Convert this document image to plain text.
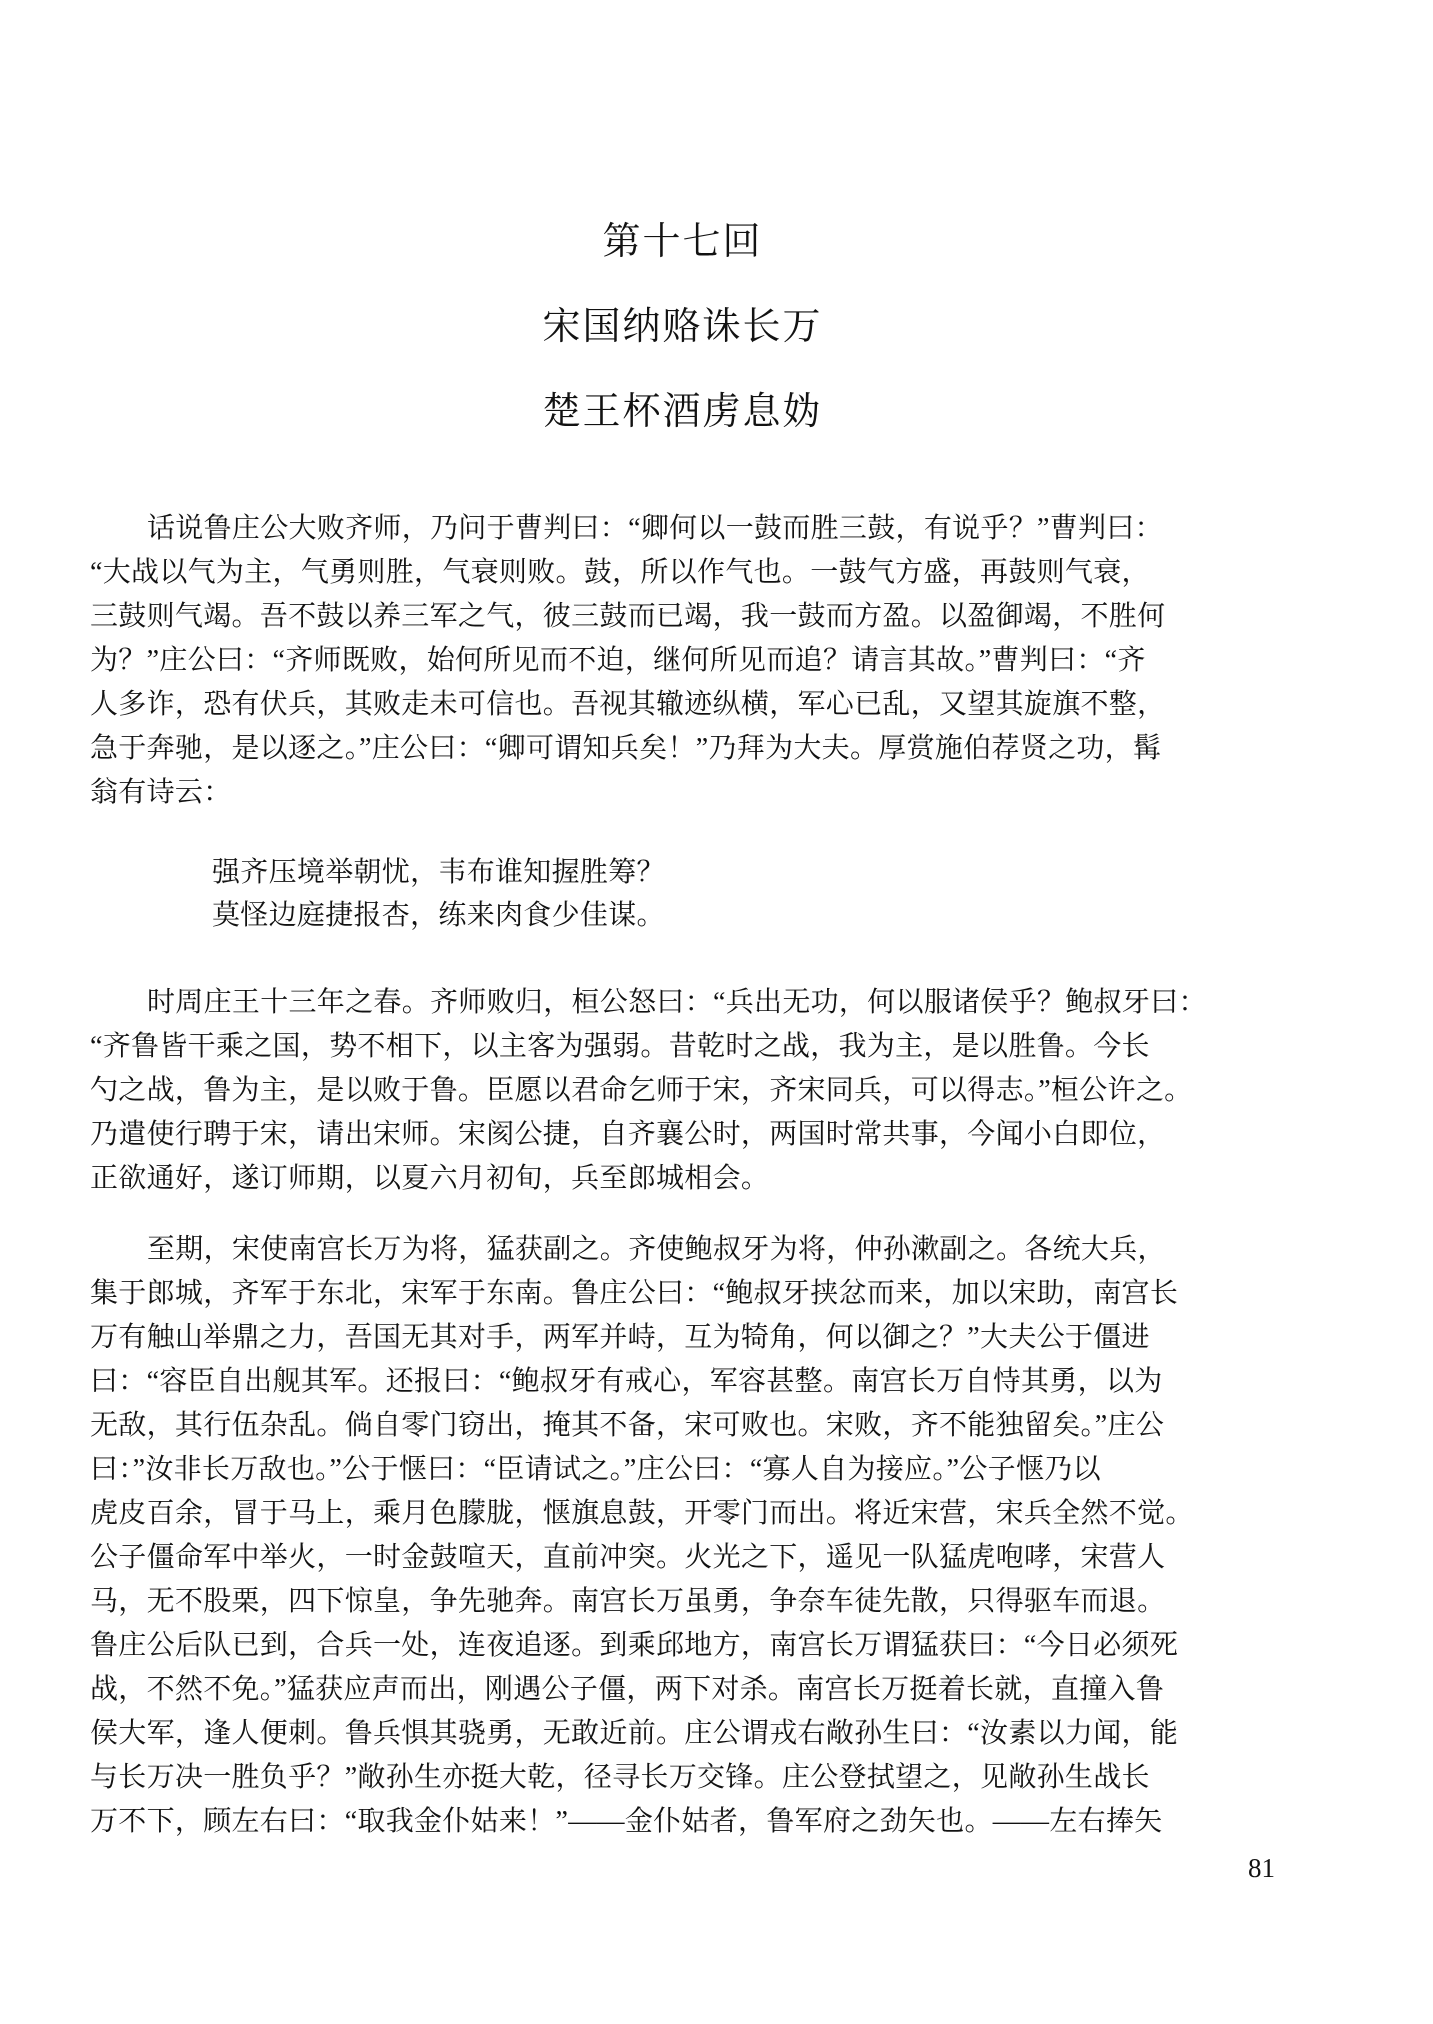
第十七回
宋国纳赂诛长万
楚王杯酒虏息妫
话说鲁庄公大败齐师，乃问于曹判曰：“卿何以一鼓而胜三鼓，有说乎？”曹判曰：
“大战以气为主，气勇则胜，气衰则败。鼓，所以作气也。一鼓气方盛，再鼓则气衰，
三鼓则气竭。吾不鼓以养三军之气，彼三鼓而已竭，我一鼓而方盈。以盈御竭，不胜何
为？”庄公曰：“齐师既败，始何所见而不迫，继何所见而追？请言其故。”曹判曰：“齐
人多诈，恐有伏兵，其败走未可信也。吾视其辙迹纵横，军心已乱，又望其旋旗不整，
急于奔驰，是以逐之。”庄公曰：“卿可谓知兵矣！”乃拜为大夫。厚赏施伯荐贤之功，髯
翁有诗云：
强齐压境举朝忧，韦布谁知握胜筹？
莫怪边庭捷报杏，练来肉食少佳谋。
时周庄王十三年之春。齐师败归，桓公怒曰：“兵出无功，何以服诸侯乎？鲍叔牙曰：
“齐鲁皆干乘之国，势不相下，以主客为强弱。昔乾时之战，我为主，是以胜鲁。今长
勺之战，鲁为主，是以败于鲁。臣愿以君命乞师于宋，齐宋同兵，可以得志。”桓公许之。
乃遣使行聘于宋，请出宋师。宋阂公捷，自齐襄公时，两国时常共事，今闻小白即位，
正欲通好，遂订师期，以夏六月初旬，兵至郎城相会。
至期，宋使南宫长万为将，猛获副之。齐使鲍叔牙为将，仲孙漱副之。各统大兵，
集于郎城，齐军于东北，宋军于东南。鲁庄公曰：“鲍叔牙挟忿而来，加以宋助，南宫长
万有触山举鼎之力，吾国无其对手，两军并峙，互为犄角，何以御之？”大夫公于僵进
曰：“容臣自出舰其军。还报曰：“鲍叔牙有戒心，军容甚整。南宫长万自恃其勇，以为
无敌，其行伍杂乱。倘自零门窃出，掩其不备，宋可败也。宋败，齐不能独留矣。”庄公
曰：”汝非长万敌也。”公于惬曰：“臣请试之。”庄公曰：“寡人自为接应。”公子惬乃以
虎皮百余，冒于马上，乘月色朦胧，惬旗息鼓，开零门而出。将近宋营，宋兵全然不觉。
公子僵命军中举火，一时金鼓喧天，直前冲突。火光之下，遥见一队猛虎咆哮，宋营人
马，无不股栗，四下惊皇，争先驰奔。南宫长万虽勇，争奈车徒先散，只得驱车而退。
鲁庄公后队已到，合兵一处，连夜追逐。到乘邱地方，南宫长万谓猛获曰：“今日必须死
战，不然不免。”猛获应声而出，刚遇公子僵，两下对杀。南宫长万挺着长就，直撞入鲁
侯大军，逢人便刺。鲁兵惧其骁勇，无敢近前。庄公谓戎右敞孙生曰：“汝素以力闻，能
与长万决一胜负乎？”敞孙生亦挺大乾，径寻长万交锋。庄公登拭望之，见敞孙生战长
万不下，顾左右曰：“取我金仆姑来！”——金仆姑者，鲁军府之劲矢也。——左右捧矢
81
